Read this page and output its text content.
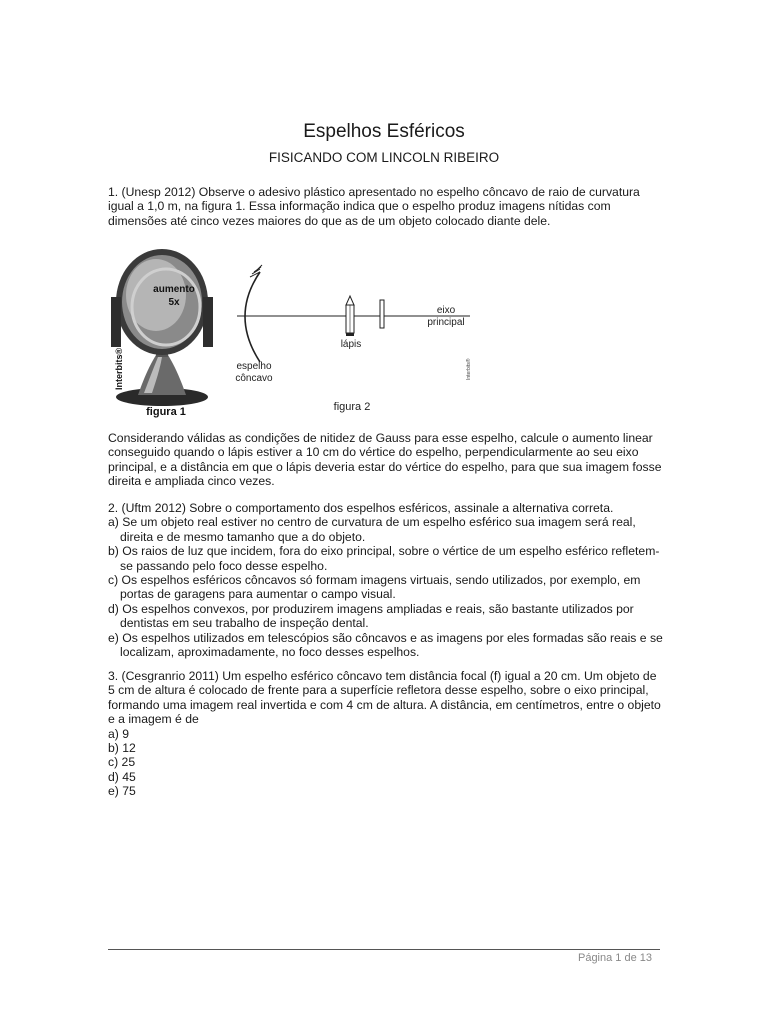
Espelhos Esféricos
FISICANDO COM LINCOLN RIBEIRO

1. (Unesp 2012) Observe o adesivo plástico apresentado no espelho côncavo de raio de curvatura igual a 1,0 m, na figura 1. Essa informação indica que o espelho produz imagens nítidas com dimensões até cinco vezes maiores do que as de um objeto colocado diante dele.

aumento
5x
Interbits®
figura 1
eixo
principal
lápis
espelho
côncavo	Interbits®
figura 2

Considerando válidas as condições de nitidez de Gauss para esse espelho, calcule o aumento linear conseguido quando o lápis estiver a 10 cm do vértice do espelho, perpendicularmente ao seu eixo principal, e a distância em que o lápis deveria estar do vértice do espelho, para que sua imagem fosse direita e ampliada cinco vezes.

2. (Uftm 2012) Sobre o comportamento dos espelhos esféricos, assinale a alternativa correta.

a) Se um objeto real estiver no centro de curvatura de um espelho esférico sua imagem será real, direita e de mesmo tamanho que a do objeto.

b) Os raios de luz que incidem, fora do eixo principal, sobre o vértice de um espelho esférico refletem-se passando pelo foco desse espelho.

c) Os espelhos esféricos côncavos só formam imagens virtuais, sendo utilizados, por exemplo, em portas de garagens para aumentar o campo visual.

d) Os espelhos convexos, por produzirem imagens ampliadas e reais, são bastante utilizados por dentistas em seu trabalho de inspeção dental.

e) Os espelhos utilizados em telescópios são côncavos e as imagens por eles formadas são reais e se localizam, aproximadamente, no foco desses espelhos.

3. (Cesgranrio 2011) Um espelho esférico côncavo tem distância focal (f) igual a 20 cm. Um objeto de 5 cm de altura é colocado de frente para a superfície refletora desse espelho, sobre o eixo principal, formando uma imagem real invertida e com 4 cm de altura. A distância, em centímetros, entre o objeto e a imagem é de

a) 9

b) 12

c) 25

d) 45

e) 75

Página 1 de 13
